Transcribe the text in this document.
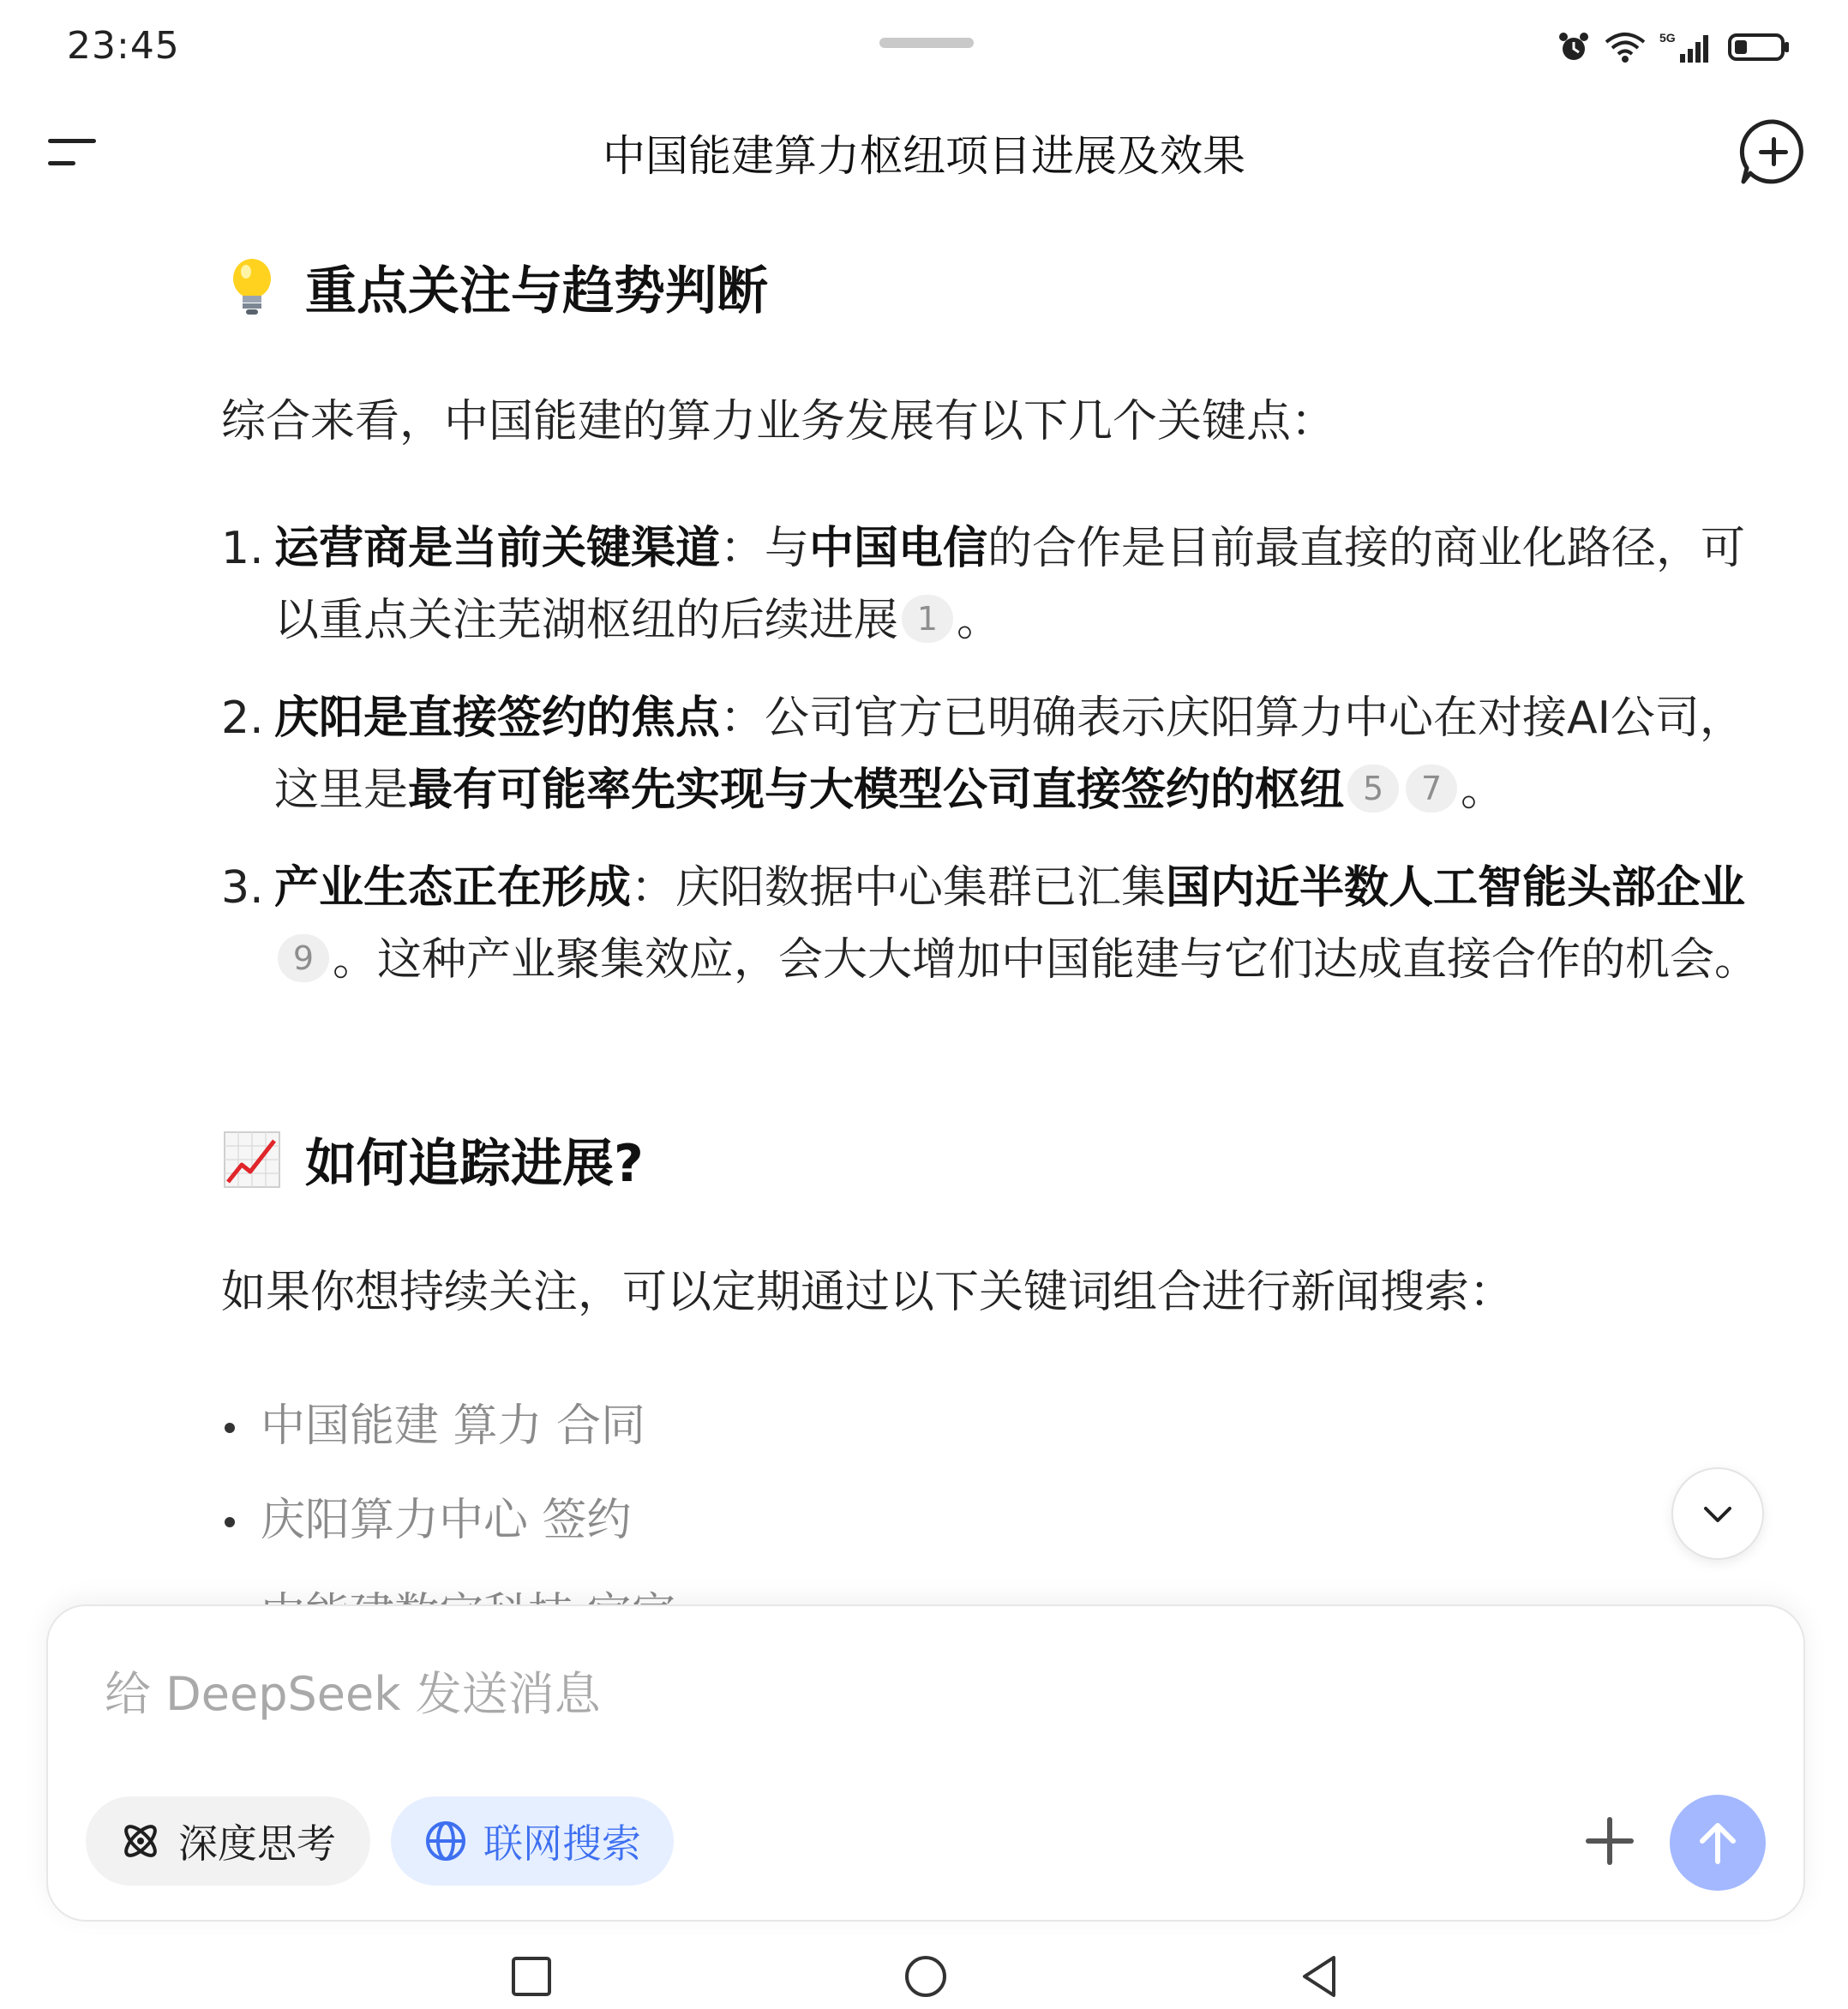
23:45	5G
中国能建算力枢纽项目进展及效果
重点关注与趋势判断
综合来看，中国能建的算力业务发展有以下几个关键点：
1. 运营商是当前关键渠道：与中国电信的合作是目前最直接的商业化路径，可以重点关注芜湖枢纽的后续进展 1 。
2. 庆阳是直接签约的焦点：公司官方已明确表示庆阳算力中心在对接AI公司，这里是最有可能率先实现与大模型公司直接签约的枢纽 5 7 。
3. 产业生态正在形成：庆阳数据中心集群已汇集国内近半数人工智能头部企业9 。这种产业聚集效应，会大大增加中国能建与它们达成直接合作的机会。
如何追踪进展?
如果你想持续关注，可以定期通过以下关键词组合进行新闻搜索：
中国能建 算力 合同
庆阳算力中心 签约
给 DeepSeek 发送消息
深度思考	联网搜索
